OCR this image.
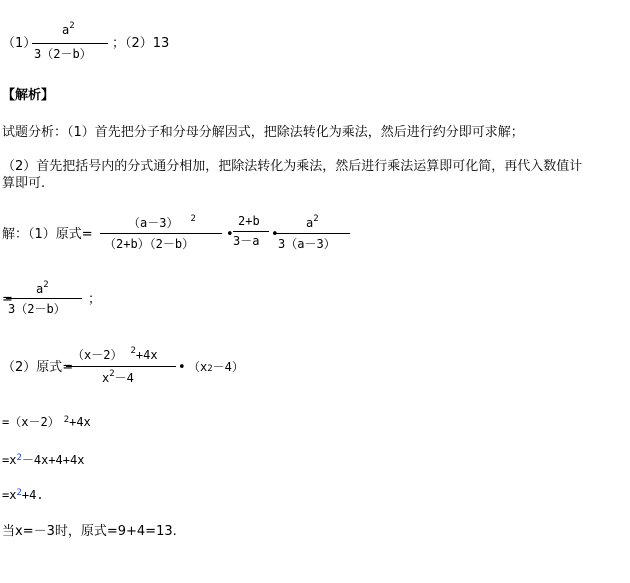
（1）
$a^2$
3（2－b）
；（2）13
【解析】
试题分析：（1）首先把分子和分母分解因式，把除法转化为乘法，然后进行约分即可求解；
（2）首先把括号内的分式通分相加，把除法转化为乘法，然后进行乘法运算即可化简，再代入数值计
算即可.
解：（1）原式=
（a－3） $^2$
（2+b）（2－b）
•
2+b
3－a •
$a^2$
3（a－3）
=
$a^2$
3（2－b）
；
（2）原式=
（x－2） $^2$+4x
$x^2-4$
• （x2－4）
=（x－2） $^2$+4x
$=x^2-4x+4+4x$
$=x^2+4$.
当x=－3时，原式=9+4=13.
